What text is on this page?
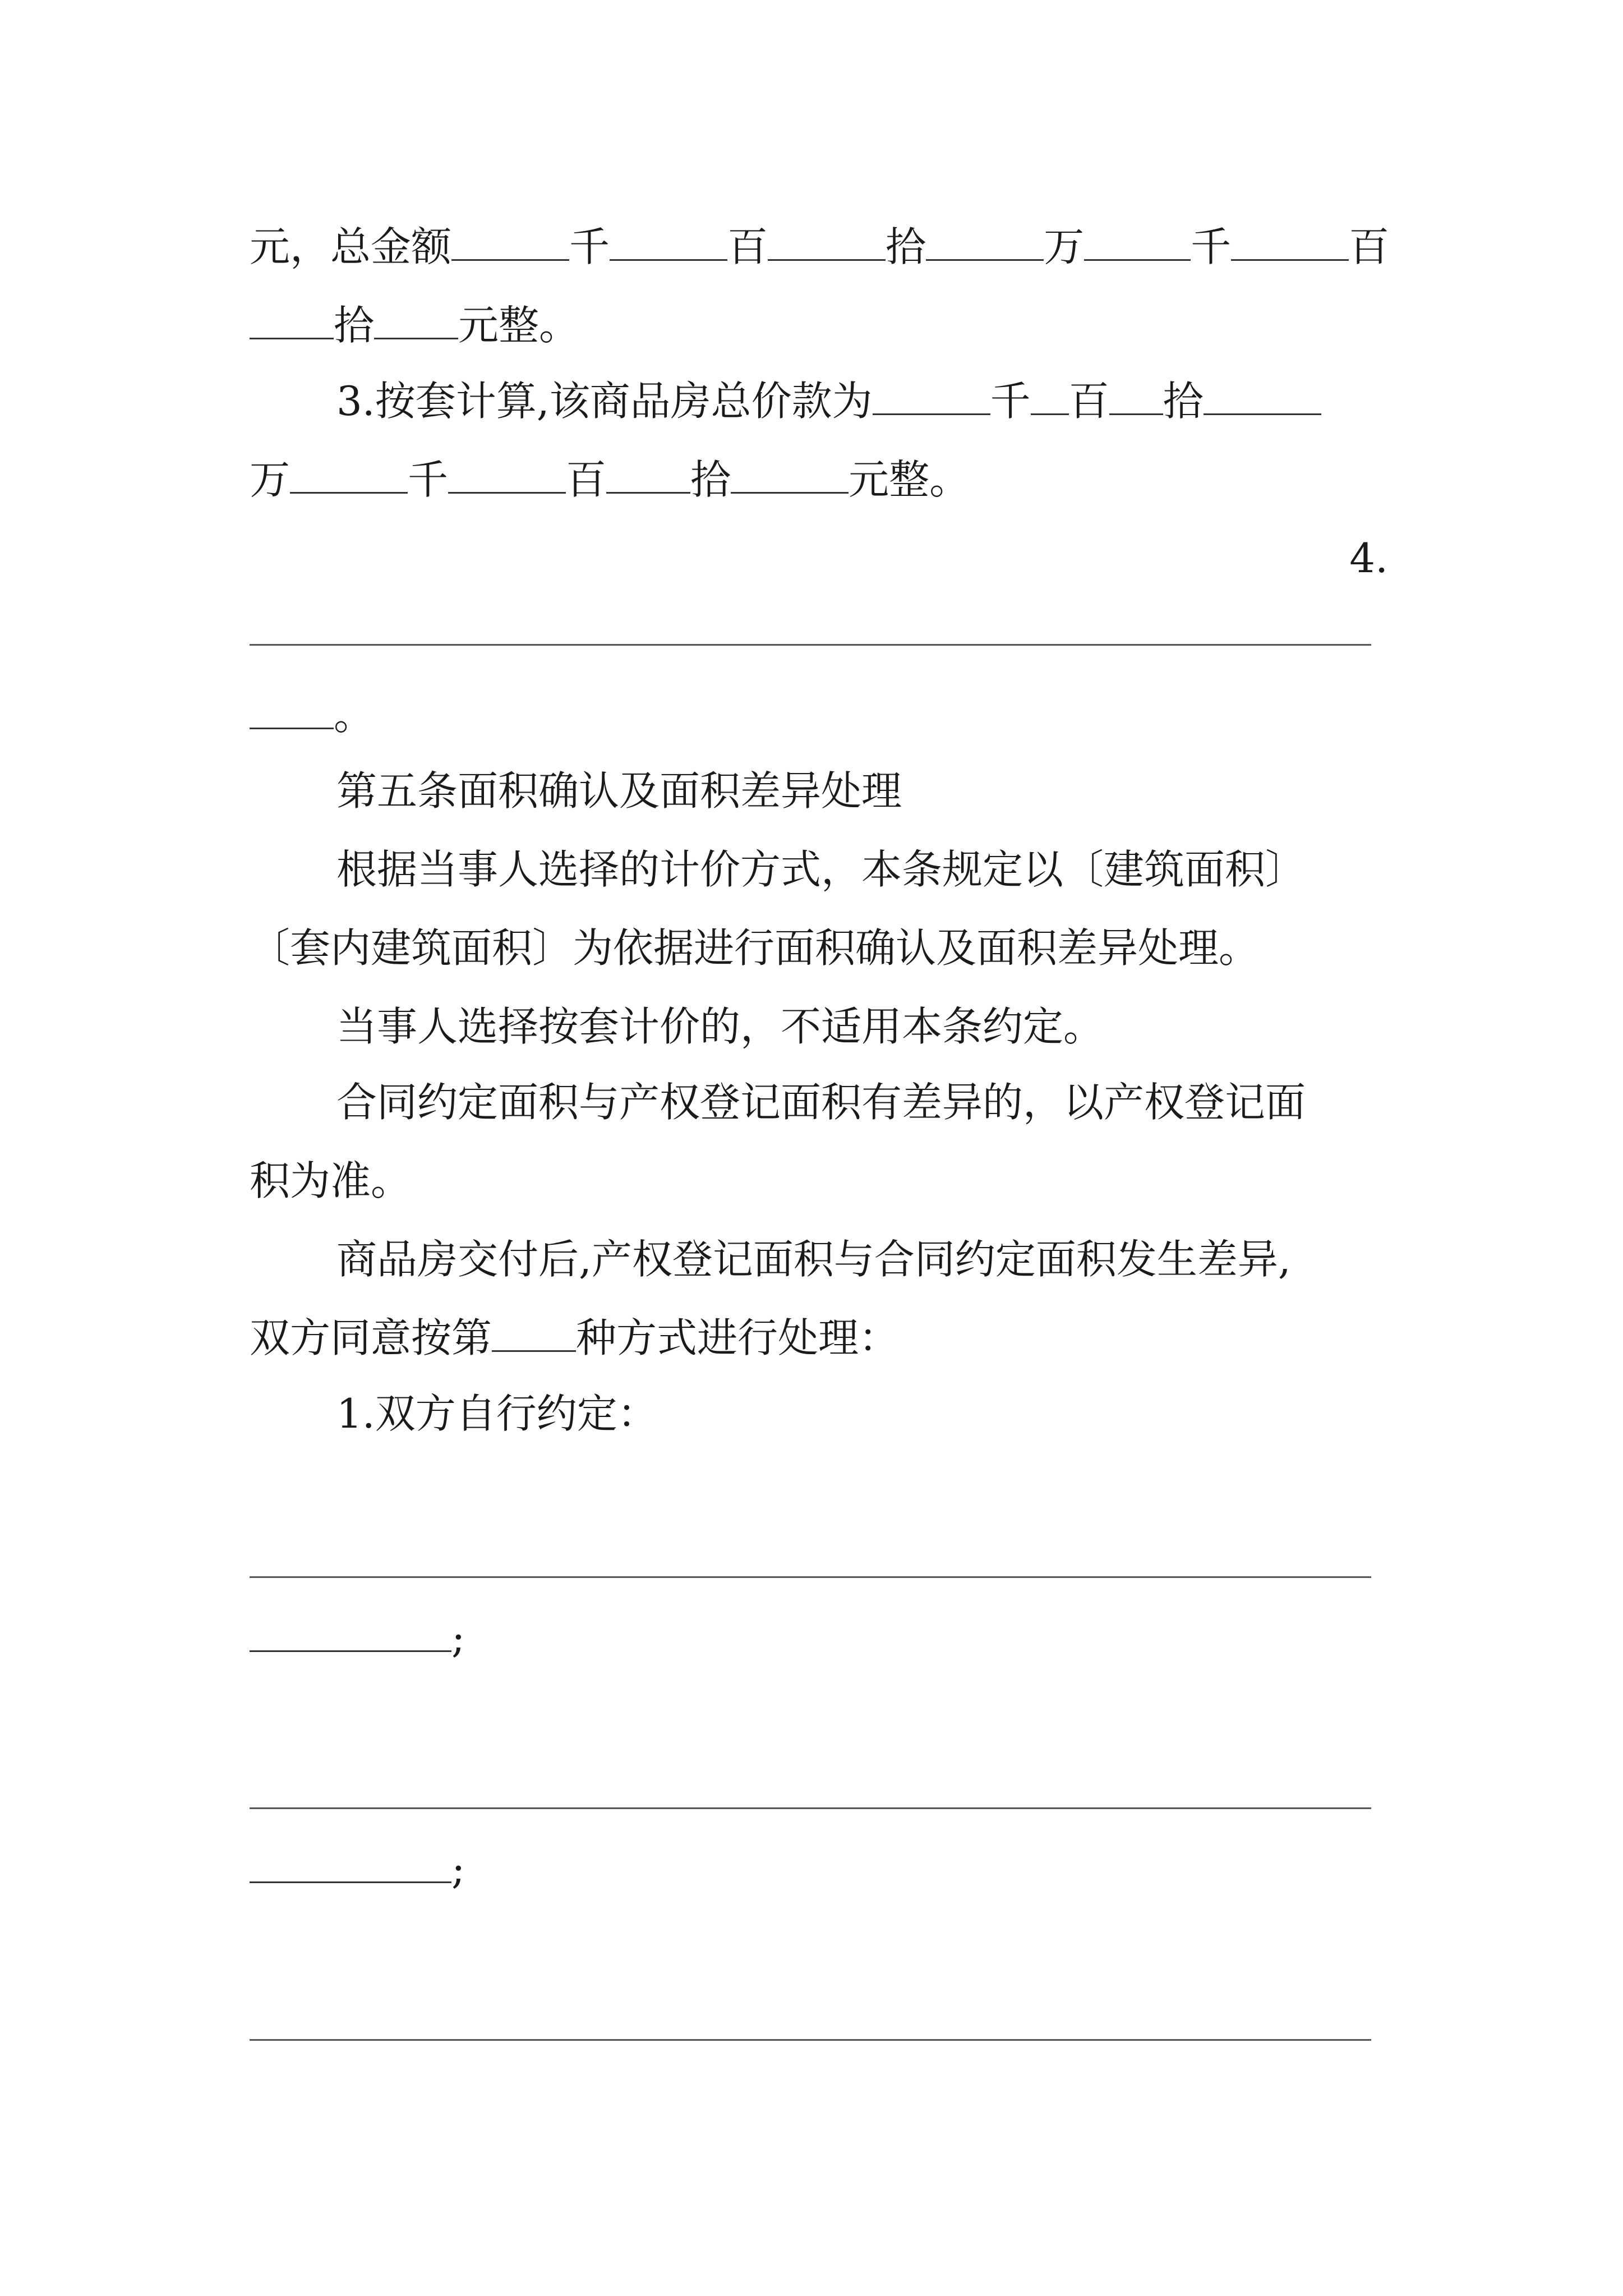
元，总金额	千	百	拾	万	千	百
拾 元整。
3.按套计算,该商品房总价款为	千 百 拾
万	千	百 拾	元整。
4.
。
第五条面积确认及面积差异处理
根据当事人选择的计价方式，本条规定以〔建筑面积〕
〔套内建筑面积〕为依据进行面积确认及面积差异处理。
当事人选择按套计价的，不适用本条约定。
合同约定面积与产权登记面积有差异的，以产权登记面
积为准。
商品房交付后,产权登记面积与合同约定面积发生差异,
双方同意按第 种方式进行处理：
1.双方自行约定：
;
;
